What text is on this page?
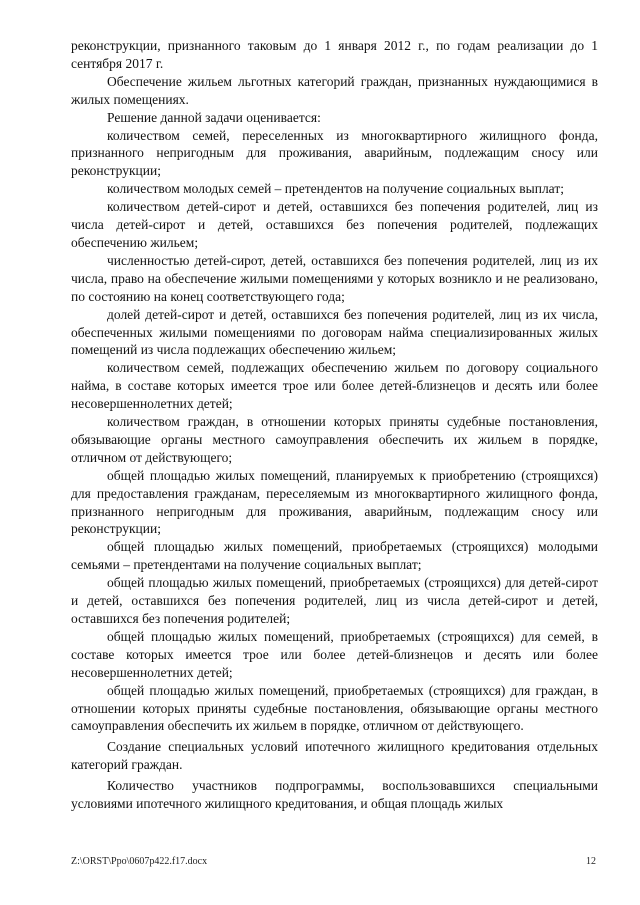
реконструкции, признанного таковым до 1 января 2012 г., по годам реализации до 1 сентября 2017 г.

Обеспечение жильем льготных категорий граждан, признанных нуждающимися в жилых помещениях.

Решение данной задачи оценивается:

количеством семей, переселенных из многоквартирного жилищного фонда, признанного непригодным для проживания, аварийным, подлежащим сносу или реконструкции;

количеством молодых семей – претендентов на получение социальных выплат;

количеством детей-сирот и детей, оставшихся без попечения родителей, лиц из числа детей-сирот и детей, оставшихся без попечения родителей, подлежащих обеспечению жильем;

численностью детей-сирот, детей, оставшихся без попечения родителей, лиц из их числа, право на обеспечение жилыми помещениями у которых возникло и не реализовано, по состоянию на конец соответствующего года;

долей детей-сирот и детей, оставшихся без попечения родителей, лиц из их числа, обеспеченных жилыми помещениями по договорам найма специализированных жилых помещений из числа подлежащих обеспечению жильем;

количеством семей, подлежащих обеспечению жильем по договору социального найма, в составе которых имеется трое или более детей-близнецов и десять или более несовершеннолетних детей;

количеством граждан, в отношении которых приняты судебные постановления, обязывающие органы местного самоуправления обеспечить их жильем в порядке, отличном от действующего;

общей площадью жилых помещений, планируемых к приобретению (строящихся) для предоставления гражданам, переселяемым из многоквартирного жилищного фонда, признанного непригодным для проживания, аварийным, подлежащим сносу или реконструкции;

общей площадью жилых помещений, приобретаемых (строящихся) молодыми семьями – претендентами на получение социальных выплат;

общей площадью жилых помещений, приобретаемых (строящихся) для детей-сирот и детей, оставшихся без попечения родителей, лиц из числа детей-сирот и детей, оставшихся без попечения родителей;

общей площадью жилых помещений, приобретаемых (строящихся) для семей, в составе которых имеется трое или более детей-близнецов и десять или более несовершеннолетних детей;

общей площадью жилых помещений, приобретаемых (строящихся) для граждан, в отношении которых приняты судебные постановления, обязывающие органы местного самоуправления обеспечить их жильем в порядке, отличном от действующего.

Создание специальных условий ипотечного жилищного кредитования отдельных категорий граждан.

Количество участников подпрограммы, воспользовавшихся специальными условиями ипотечного жилищного кредитования, и общая площадь жилых

Z:\ORST\Ppo\0607p422.f17.docx	12
